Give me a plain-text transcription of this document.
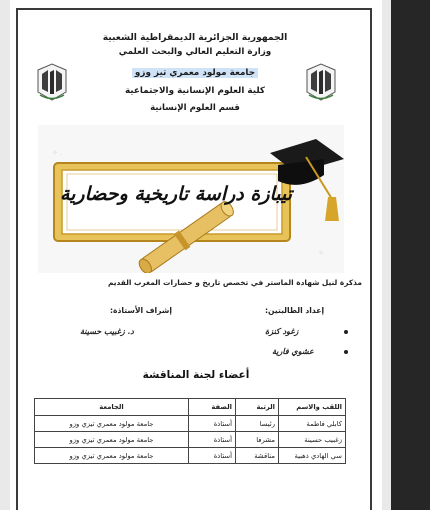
الجمهورية الجزائرية الديمقراطية الشعبية
وزارة التعليم العالي والبحث العلمي
جامعة مولود معمري تيز وزو
كلية العلوم الإنسانية والاجتماعية
قسم العلوم الإنسانية
✧ .
✧
تيبازة دراسة تاريخية وحضارية
مذكرة لنيل شهادة الماستر في تخصص تاريخ و حضارات المغرب القديم
إعداد الطالبتين:
إشراف الأستاذة:
زغود كنزة
عشوي فارية
د. زغبيب حسينة
أعضاء لجنة المناقشة
اللقب والاسم	الرتبة	الصفة	الجامعة
كابلي فاطمة	رئيسا	أستاذة	جامعة مولود معمري تيزي وزو
زغبيب حسينة	مشرفا	أستاذة	جامعة مولود معمري تيزي وزو
سي الهادي ذهبية	مناقشة	أستاذة	جامعة مولود معمري تيزي وزو
